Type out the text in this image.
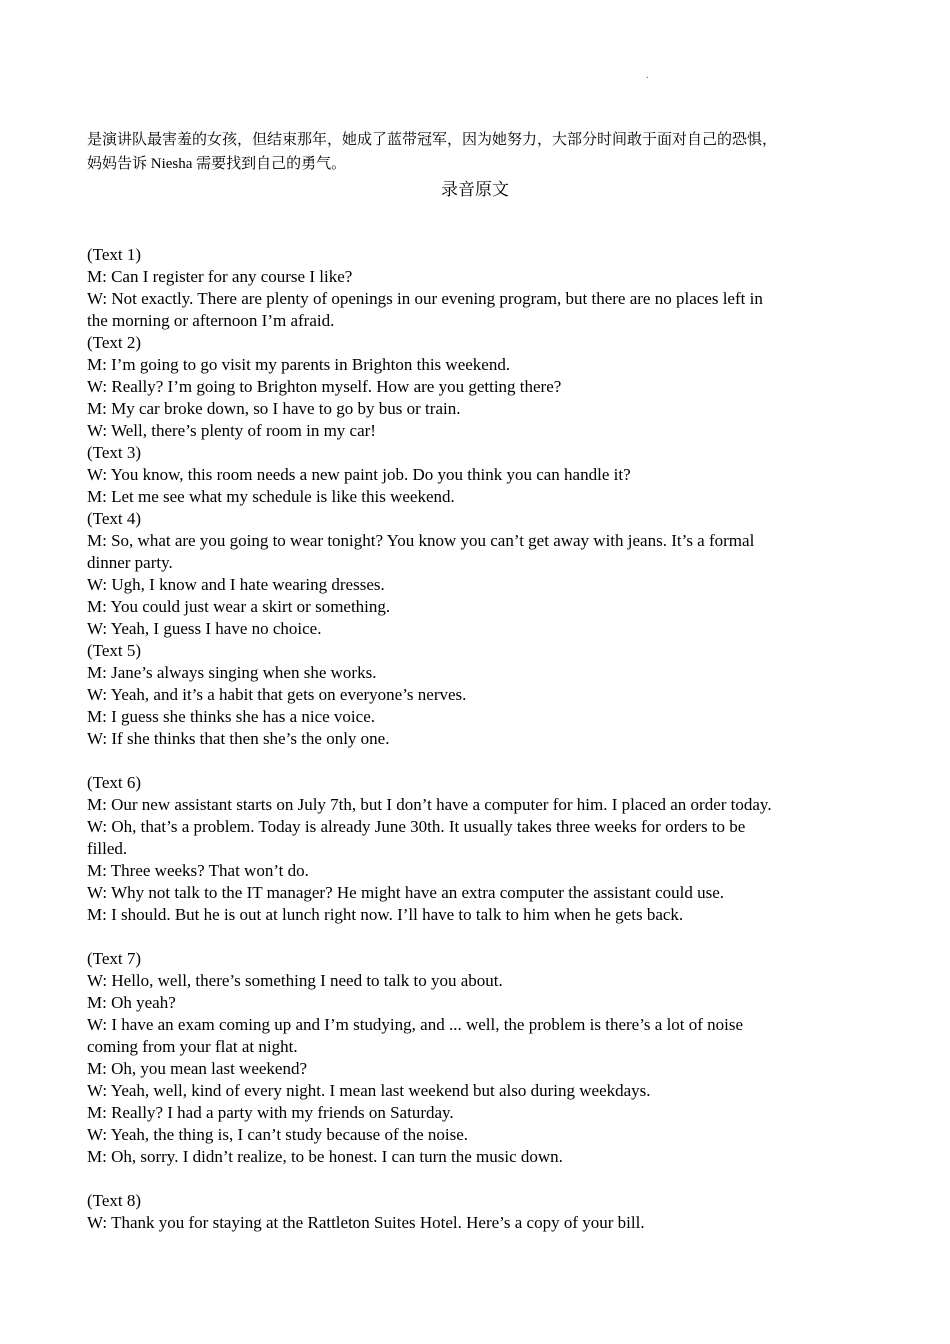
.

是演讲队最害羞的女孩，但结束那年，她成了蓝带冠军，因为她努力，大部分时间敢于面对自己的恐惧，

妈妈告诉 Niesha 需要找到自己的勇气。

录音原文

(Text 1)

M: Can I register for any course I like?

W: Not exactly. There are plenty of openings in our evening program, but there are no places left in

the morning or afternoon I’m afraid.

(Text 2)

M: I’m going to go visit my parents in Brighton this weekend.

W: Really? I’m going to Brighton myself. How are you getting there?

M: My car broke down, so I have to go by bus or train.

W: Well, there’s plenty of room in my car!

(Text 3)

W: You know, this room needs a new paint job. Do you think you can handle it?

M: Let me see what my schedule is like this weekend.

(Text 4)

M: So, what are you going to wear tonight? You know you can’t get away with jeans. It’s a formal

dinner party.

W: Ugh, I know and I hate wearing dresses.

M: You could just wear a skirt or something.

W: Yeah, I guess I have no choice.

(Text 5)

M: Jane’s always singing when she works.

W: Yeah, and it’s a habit that gets on everyone’s nerves.

M: I guess she thinks she has a nice voice.

W: If she thinks that then she’s the only one.

(Text 6)

M: Our new assistant starts on July 7th, but I don’t have a computer for him. I placed an order today.

W: Oh, that’s a problem. Today is already June 30th. It usually takes three weeks for orders to be

filled.

M: Three weeks? That won’t do.

W: Why not talk to the IT manager? He might have an extra computer the assistant could use.

M: I should. But he is out at lunch right now. I’ll have to talk to him when he gets back.

(Text 7)

W: Hello, well, there’s something I need to talk to you about.

M: Oh yeah?

W: I have an exam coming up and I’m studying, and ... well, the problem is there’s a lot of noise

coming from your flat at night.

M: Oh, you mean last weekend?

W: Yeah, well, kind of every night. I mean last weekend but also during weekdays.

M: Really? I had a party with my friends on Saturday.

W: Yeah, the thing is, I can’t study because of the noise.

M: Oh, sorry. I didn’t realize, to be honest. I can turn the music down.

(Text 8)

W: Thank you for staying at the Rattleton Suites Hotel. Here’s a copy of your bill.
